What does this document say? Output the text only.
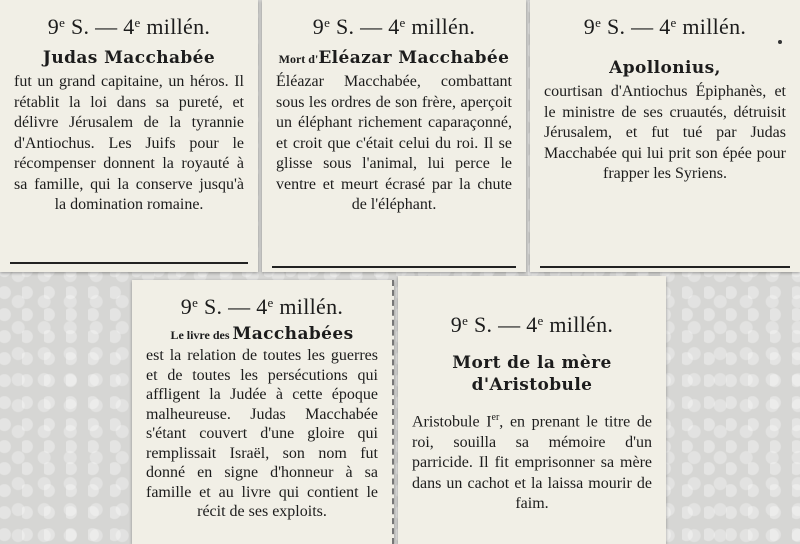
9e S. — 4e millén.
Judas Macchabée
fut un grand capitaine, un héros. Il rétablit la loi dans sa pureté, et délivre Jérusalem de la tyrannie d'Antiochus. Les Juifs pour le récompenser donnent la royauté à sa famille, qui la conserve jusqu'à la domination romaine.
9e S. — 4e millén.
Mort d'Eléazar Macchabée
Éléazar Macchabée, combattant sous les ordres de son frère, aperçoit un éléphant richement caparaçonné, et croit que c'était celui du roi. Il se glisse sous l'animal, lui perce le ventre et meurt écrasé par la chute de l'éléphant.
9e S. — 4e millén.
Apollonius,
courtisan d'Antiochus Épiphanès, et le ministre de ses cruautés, détruisit Jérusalem, et fut tué par Judas Macchabée qui lui prit son épée pour frapper les Syriens.
9e S. — 4e millén.
Le livre des Macchabées
est la relation de toutes les guerres et de toutes les persécutions qui affligent la Judée à cette époque malheureuse. Judas Macchabée s'étant couvert d'une gloire qui remplissait Israël, son nom fut donné en signe d'honneur à sa famille et au livre qui contient le récit de ses exploits.
9e S. — 4e millén.
Mort de la mère d'Aristobule
Aristobule Ier, en prenant le titre de roi, souilla sa mémoire d'un parricide. Il fit emprisonner sa mère dans un cachot et la laissa mourir de faim.
